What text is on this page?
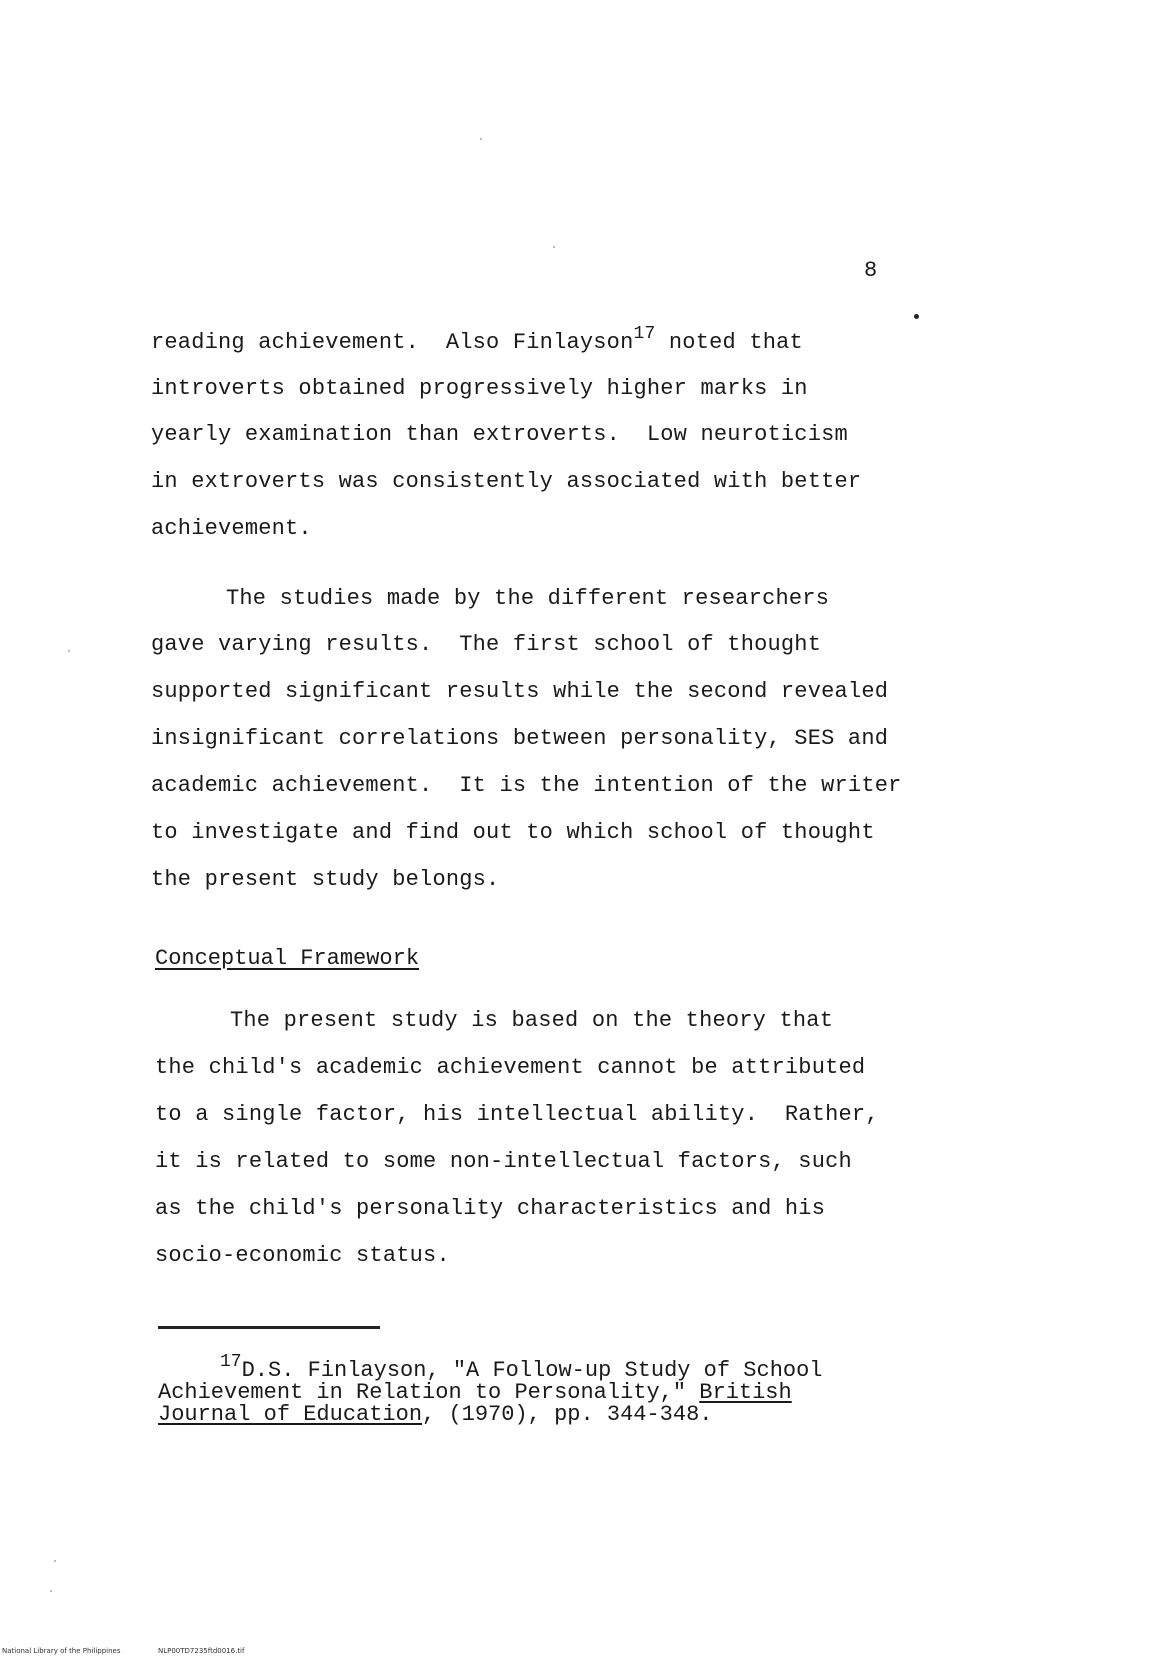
8
reading achievement.  Also Finlayson$^{17}$ noted that
introverts obtained progressively higher marks in
yearly examination than extroverts.  Low neuroticism
in extroverts was consistently associated with better
achievement.
The studies made by the different researchers
gave varying results.  The first school of thought
supported significant results while the second revealed
insignificant correlations between personality, SES and
academic achievement.  It is the intention of the writer
to investigate and find out to which school of thought
the present study belongs.
Conceptual Framework
The present study is based on the theory that
the child's academic achievement cannot be attributed
to a single factor, his intellectual ability.  Rather,
it is related to some non-intellectual factors, such
as the child's personality characteristics and his
socio-economic status.
$^{17}$D.S. Finlayson, "A Follow-up Study of School
Achievement in Relation to Personality," British
Journal of Education, (1970), pp. 344-348.
National Library of the Philippines	NLP00TD7235ftd0016.tif
